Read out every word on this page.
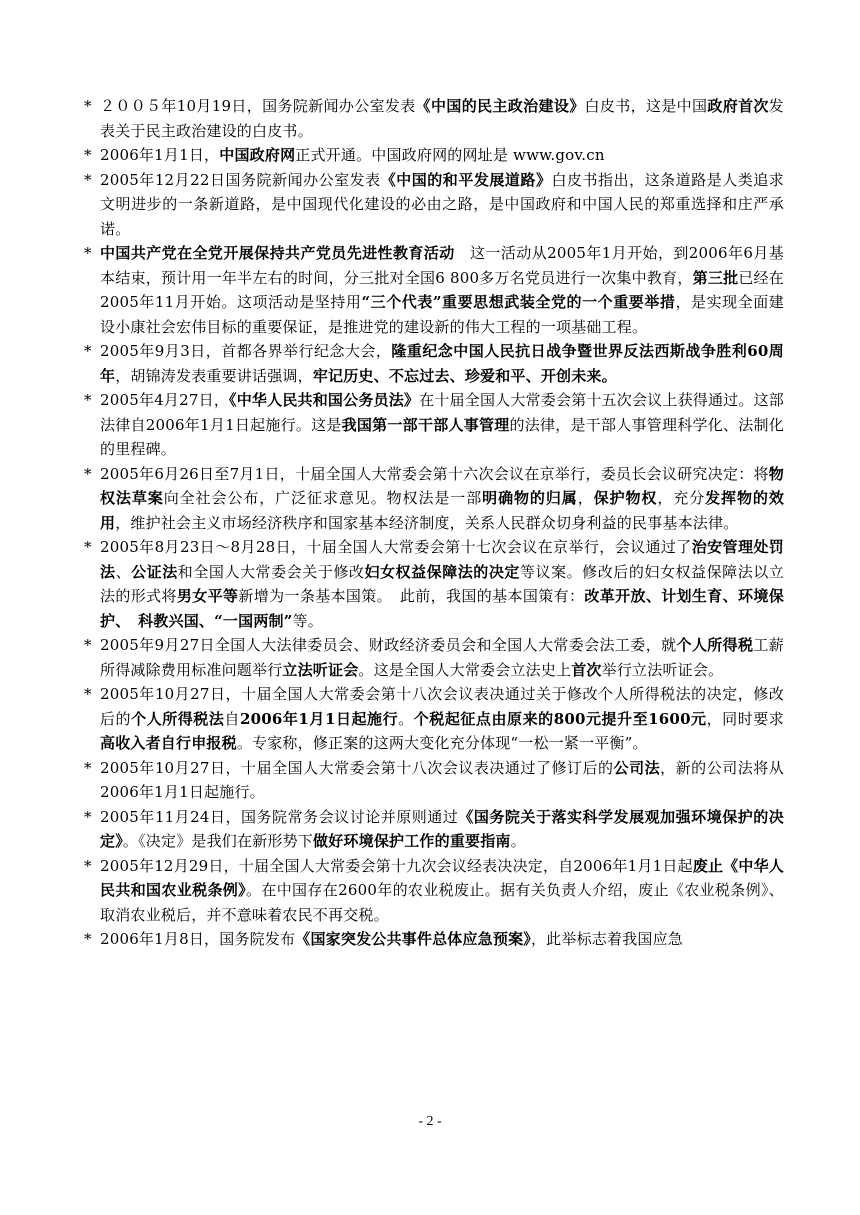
* ２００５年10月19日，国务院新闻办公室发表《中国的民主政治建设》白皮书，这是中国政府首次发表关于民主政治建设的白皮书。
* 2006年1月1日，中国政府网正式开通。中国政府网的网址是 www.gov.cn
* 2005年12月22日国务院新闻办公室发表《中国的和平发展道路》白皮书指出，这条道路是人类追求文明进步的一条新道路，是中国现代化建设的必由之路，是中国政府和中国人民的郑重选择和庄严承诺。
* 中国共产党在全党开展保持共产党员先进性教育活动　这一活动从2005年1月开始，到2006年6月基本结束，预计用一年半左右的时间，分三批对全国6 800多万名党员进行一次集中教育，第三批已经在2005年11月开始。这项活动是坚持用“三个代表”重要思想武装全党的一个重要举措，是实现全面建设小康社会宏伟目标的重要保证，是推进党的建设新的伟大工程的一项基础工程。
* 2005年9月3日，首都各界举行纪念大会，隆重纪念中国人民抗日战争暨世界反法西斯战争胜利60周年，胡锦涛发表重要讲话强调，牢记历史、不忘过去、珍爱和平、开创未来。
* 2005年4月27日，《中华人民共和国公务员法》在十届全国人大常委会第十五次会议上获得通过。这部法律自2006年1月1日起施行。这是我国第一部干部人事管理的法律，是干部人事管理科学化、法制化的里程碑。
* 2005年6月26日至7月1日，十届全国人大常委会第十六次会议在京举行，委员长会议研究决定：将物权法草案向全社会公布，广泛征求意见。物权法是一部明确物的归属，保护物权，充分发挥物的效用，维护社会主义市场经济秩序和国家基本经济制度，关系人民群众切身利益的民事基本法律。
* 2005年8月23日～8月28日，十届全国人大常委会第十七次会议在京举行，会议通过了治安管理处罚法、公证法和全国人大常委会关于修改妇女权益保障法的决定等议案。修改后的妇女权益保障法以立法的形式将男女平等新增为一条基本国策。　此前，我国的基本国策有：改革开放、计划生育、环境保护、　科教兴国、“一国两制”等。
* 2005年9月27日全国人大法律委员会、财政经济委员会和全国人大常委会法工委，就个人所得税工薪所得减除费用标准问题举行立法听证会。这是全国人大常委会立法史上首次举行立法听证会。
* 2005年10月27日，十届全国人大常委会第十八次会议表决通过关于修改个人所得税法的决定，修改后的个人所得税法自2006年1月1日起施行。个税起征点由原来的800元提升至1600元，同时要求高收入者自行申报税。专家称，修正案的这两大变化充分体现“一松一紧一平衡”。
* 2005年10月27日，十届全国人大常委会第十八次会议表决通过了修订后的公司法，新的公司法将从2006年1月1日起施行。
* 2005年11月24日，国务院常务会议讨论并原则通过《国务院关于落实科学发展观加强环境保护的决定》。《决定》是我们在新形势下做好环境保护工作的重要指南。
* 2005年12月29日，十届全国人大常委会第十九次会议经表决决定，自2006年1月1日起废止《中华人民共和国农业税条例》。在中国存在2600年的农业税废止。据有关负责人介绍，废止《农业税条例》、取消农业税后，并不意味着农民不再交税。
* 2006年1月8日，国务院发布《国家突发公共事件总体应急预案》，此举标志着我国应急
- 2 -
